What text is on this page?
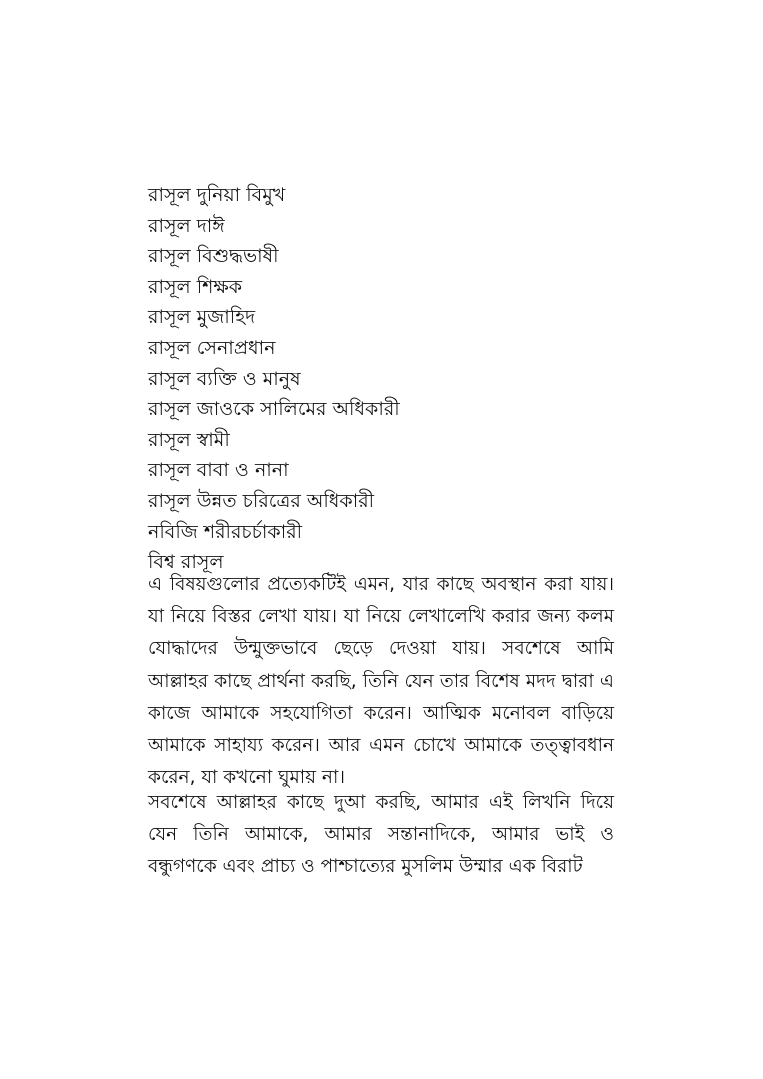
রাসূল দুনিয়া বিমুখ
রাসূল দাঈ
রাসূল বিশুদ্ধভাষী
রাসূল শিক্ষক
রাসূল মুজাহিদ
রাসূল সেনাপ্রধান
রাসূল ব্যক্তি ও মানুষ
রাসূল জাওকে সালিমের অধিকারী
রাসূল স্বামী
রাসূল বাবা ও নানা
রাসূল উন্নত চরিত্রের অধিকারী
নবিজি শরীরচর্চাকারী
বিশ্ব রাসূল

এ বিষয়গুলোর প্রত্যেকটিই এমন, যার কাছে অবস্থান করা যায়। যা নিয়ে বিস্তর লেখা যায়। যা নিয়ে লেখালেখি করার জন্য কলম যোদ্ধাদের উন্মুক্তভাবে ছেড়ে দেওয়া যায়। সবশেষে আমি আল্লাহর কাছে প্রার্থনা করছি, তিনি যেন তার বিশেষ মদদ দ্বারা এ কাজে আমাকে সহযোগিতা করেন। আত্মিক মনোবল বাড়িয়ে আমাকে সাহায্য করেন। আর এমন চোখে আমাকে তত্ত্বাবধান করেন, যা কখনো ঘুমায় না।

সবশেষে আল্লাহর কাছে দুআ করছি, আমার এই লিখনি দিয়ে যেন তিনি আমাকে, আমার সন্তানাদিকে, আমার ভাই ও বন্ধুগণকে এবং প্রাচ্য ও পাশ্চাত্যের মুসলিম উম্মার এক বিরাট
